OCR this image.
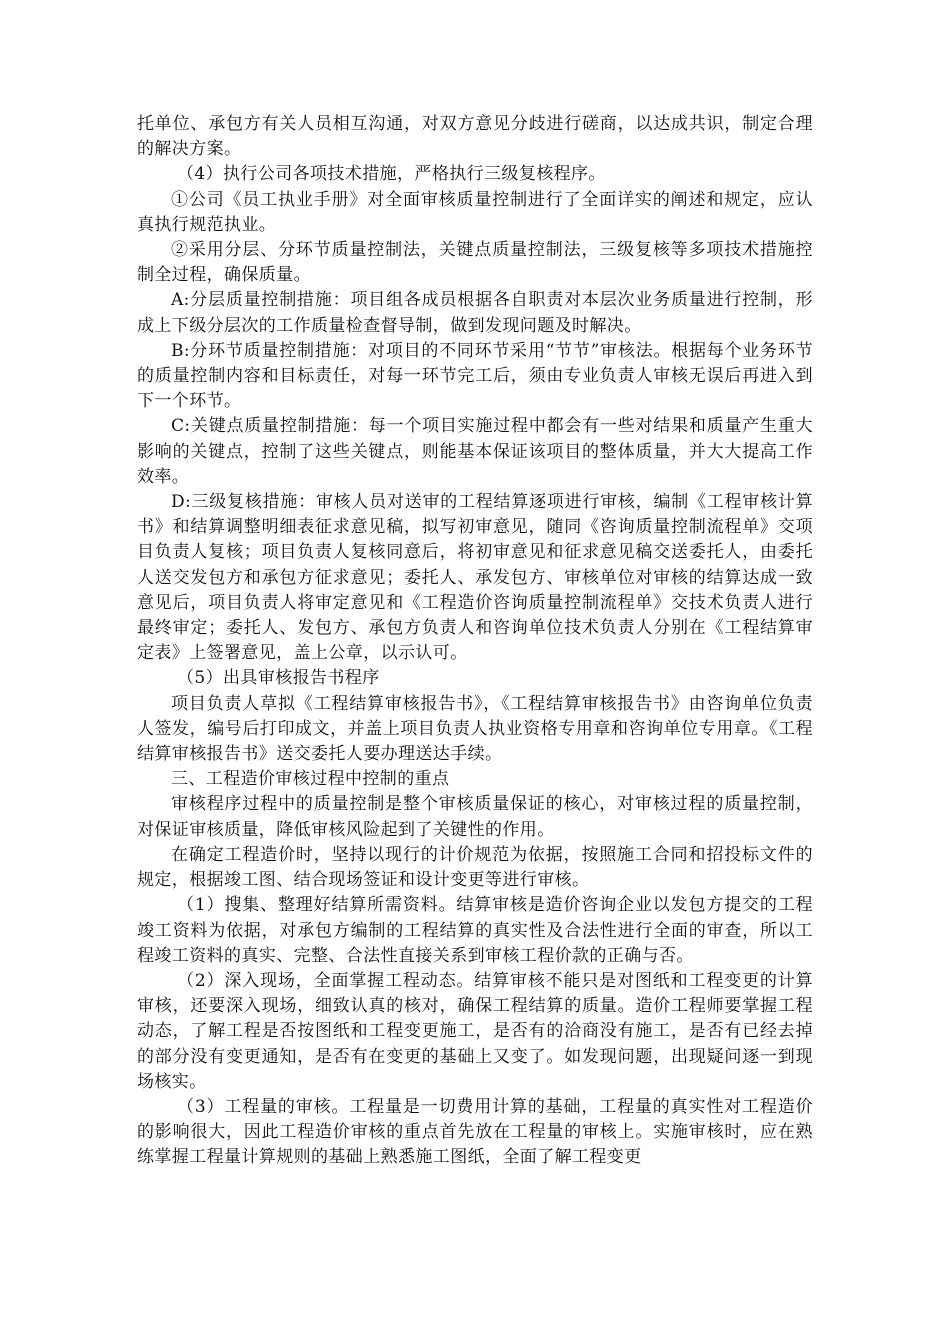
托单位、承包方有关人员相互沟通，对双方意见分歧进行磋商，以达成共识，制定合理的解决方案。

（4）执行公司各项技术措施，严格执行三级复核程序。

①公司《员工执业手册》对全面审核质量控制进行了全面详实的阐述和规定，应认真执行规范执业。

②采用分层、分环节质量控制法，关键点质量控制法，三级复核等多项技术措施控制全过程，确保质量。

A:分层质量控制措施：项目组各成员根据各自职责对本层次业务质量进行控制，形成上下级分层次的工作质量检查督导制，做到发现问题及时解决。

B:分环节质量控制措施：对项目的不同环节采用“节节”审核法。根据每个业务环节的质量控制内容和目标责任，对每一环节完工后，须由专业负责人审核无误后再进入到下一个环节。

C:关键点质量控制措施：每一个项目实施过程中都会有一些对结果和质量产生重大影响的关键点，控制了这些关键点，则能基本保证该项目的整体质量，并大大提高工作效率。

D:三级复核措施：审核人员对送审的工程结算逐项进行审核，编制《工程审核计算书》和结算调整明细表征求意见稿，拟写初审意见，随同《咨询质量控制流程单》交项目负责人复核；项目负责人复核同意后，将初审意见和征求意见稿交送委托人，由委托人送交发包方和承包方征求意见；委托人、承发包方、审核单位对审核的结算达成一致意见后，项目负责人将审定意见和《工程造价咨询质量控制流程单》交技术负责人进行最终审定；委托人、发包方、承包方负责人和咨询单位技术负责人分别在《工程结算审定表》上签署意见，盖上公章，以示认可。

（5）出具审核报告书程序

项目负责人草拟《工程结算审核报告书》，《工程结算审核报告书》由咨询单位负责人签发，编号后打印成文，并盖上项目负责人执业资格专用章和咨询单位专用章。《工程结算审核报告书》送交委托人要办理送达手续。

三、工程造价审核过程中控制的重点

审核程序过程中的质量控制是整个审核质量保证的核心，对审核过程的质量控制，对保证审核质量，降低审核风险起到了关键性的作用。

在确定工程造价时，坚持以现行的计价规范为依据，按照施工合同和招投标文件的规定，根据竣工图、结合现场签证和设计变更等进行审核。

（1）搜集、整理好结算所需资料。结算审核是造价咨询企业以发包方提交的工程竣工资料为依据，对承包方编制的工程结算的真实性及合法性进行全面的审查，所以工程竣工资料的真实、完整、合法性直接关系到审核工程价款的正确与否。

（2）深入现场，全面掌握工程动态。结算审核不能只是对图纸和工程变更的计算审核，还要深入现场，细致认真的核对，确保工程结算的质量。造价工程师要掌握工程动态，了解工程是否按图纸和工程变更施工，是否有的洽商没有施工，是否有已经去掉的部分没有变更通知，是否有在变更的基础上又变了。如发现问题，出现疑问逐一到现场核实。

（3）工程量的审核。工程量是一切费用计算的基础，工程量的真实性对工程造价的影响很大，因此工程造价审核的重点首先放在工程量的审核上。实施审核时，应在熟练掌握工程量计算规则的基础上熟悉施工图纸，全面了解工程变更
